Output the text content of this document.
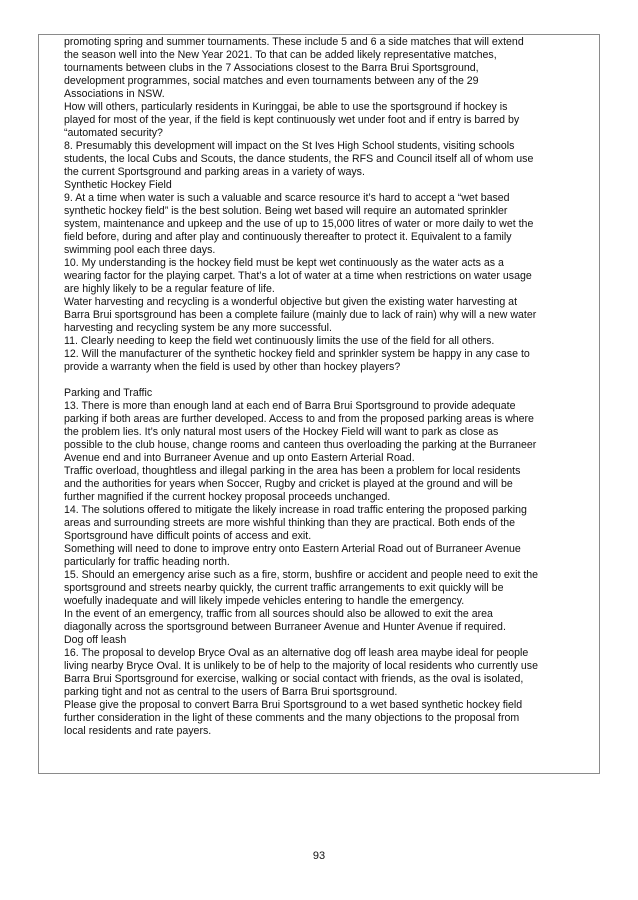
promoting spring and summer tournaments. These include 5 and 6 a side matches that will extend

the season well into the New Year 2021. To that can be added likely representative matches,

tournaments between clubs in the 7 Associations closest to the Barra Brui Sportsground,

development programmes, social matches and even tournaments between any of the 29

Associations in NSW.

How will others, particularly residents in Kuringgai, be able to use the sportsground if hockey is

played for most of the year, if the field is kept continuously wet under foot and if entry is barred by

“automated security?

8. Presumably this development will impact on the St Ives High School students, visiting schools

students, the local Cubs and Scouts, the dance students, the RFS and Council itself all of whom use

the current Sportsground and parking areas in a variety of ways.

Synthetic Hockey Field

9. At a time when water is such a valuable and scarce resource it’s hard to accept a “wet based

synthetic hockey field” is the best solution. Being wet based will require an automated sprinkler

system, maintenance and upkeep and the use of up to 15,000 litres of water or more daily to wet the

field before, during and after play and continuously thereafter to protect it. Equivalent to a family

swimming pool each three days.

10. My understanding is the hockey field must be kept wet continuously as the water acts as a

wearing factor for the playing carpet. That’s a lot of water at a time when restrictions on water usage

are highly likely to be a regular feature of life.

Water harvesting and recycling is a wonderful objective but given the existing water harvesting at

Barra Brui sportsground has been a complete failure (mainly due to lack of rain) why will a new water

harvesting and recycling system be any more successful.

11. Clearly needing to keep the field wet continuously limits the use of the field for all others.

12. Will the manufacturer of the synthetic hockey field and sprinkler system be happy in any case to

provide a warranty when the field is used by other than hockey players?

Parking and Traffic

13. There is more than enough land at each end of Barra Brui Sportsground to provide adequate

parking if both areas are further developed. Access to and from the proposed parking areas is where

the problem lies. It’s only natural most users of the Hockey Field will want to park as close as

possible to the club house, change rooms and canteen thus overloading the parking at the Burraneer

Avenue end and into Burraneer Avenue and up onto Eastern Arterial Road.

Traffic overload, thoughtless and illegal parking in the area has been a problem for local residents

and the authorities for years when Soccer, Rugby and cricket is played at the ground and will be

further magnified if the current hockey proposal proceeds unchanged.

14. The solutions offered to mitigate the likely increase in road traffic entering the proposed parking

areas and surrounding streets are more wishful thinking than they are practical. Both ends of the

Sportsground have difficult points of access and exit.

Something will need to done to improve entry onto Eastern Arterial Road out of Burraneer Avenue

particularly for traffic heading north.

15. Should an emergency arise such as a fire, storm, bushfire or accident and people need to exit the

sportsground and streets nearby quickly, the current traffic arrangements to exit quickly will be

woefully inadequate and will likely impede vehicles entering to handle the emergency.

In the event of an emergency, traffic from all sources should also be allowed to exit the area

diagonally across the sportsground between Burraneer Avenue and Hunter Avenue if required.

Dog off leash

16. The proposal to develop Bryce Oval as an alternative dog off leash area maybe ideal for people

living nearby Bryce Oval. It is unlikely to be of help to the majority of local residents who currently use

Barra Brui Sportsground for exercise, walking or social contact with friends, as the oval is isolated,

parking tight and not as central to the users of Barra Brui sportsground.

Please give the proposal to convert Barra Brui Sportsground to a wet based synthetic hockey field

further consideration in the light of these comments and the many objections to the proposal from

local residents and rate payers.

93
